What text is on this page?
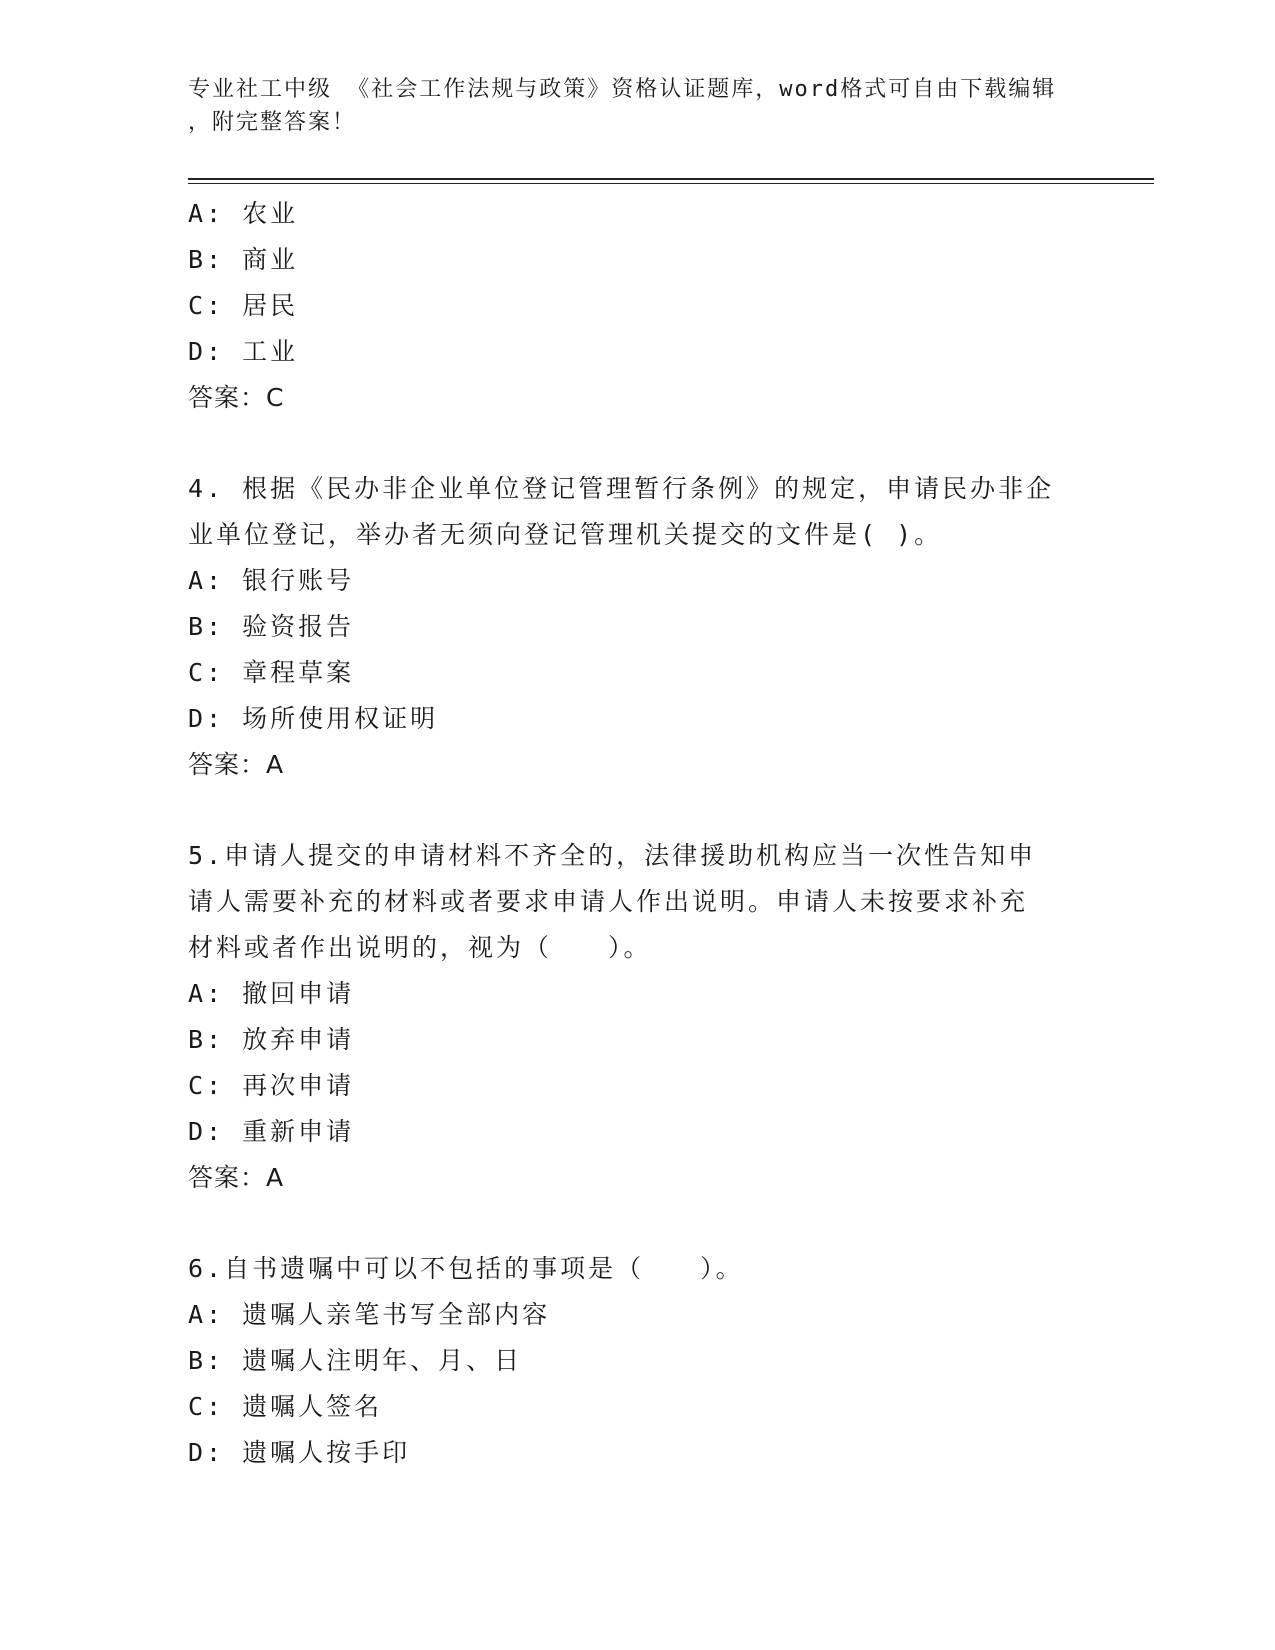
专业社工中级 《社会工作法规与政策》资格认证题库，word格式可自由下载编辑
，附完整答案！
A: 农业
B: 商业
C: 居民
D: 工业
答案：C
4. 根据《民办非企业单位登记管理暂行条例》的规定，申请民办非企
业单位登记，举办者无须向登记管理机关提交的文件是( )。
A: 银行账号
B: 验资报告
C: 章程草案
D: 场所使用权证明
答案：A
5.申请人提交的申请材料不齐全的，法律援助机构应当一次性告知申
请人需要补充的材料或者要求申请人作出说明。申请人未按要求补充
材料或者作出说明的，视为（　　）。
A: 撤回申请
B: 放弃申请
C: 再次申请
D: 重新申请
答案：A
6.自书遗嘱中可以不包括的事项是（　　）。
A: 遗嘱人亲笔书写全部内容
B: 遗嘱人注明年、月、日
C: 遗嘱人签名
D: 遗嘱人按手印
